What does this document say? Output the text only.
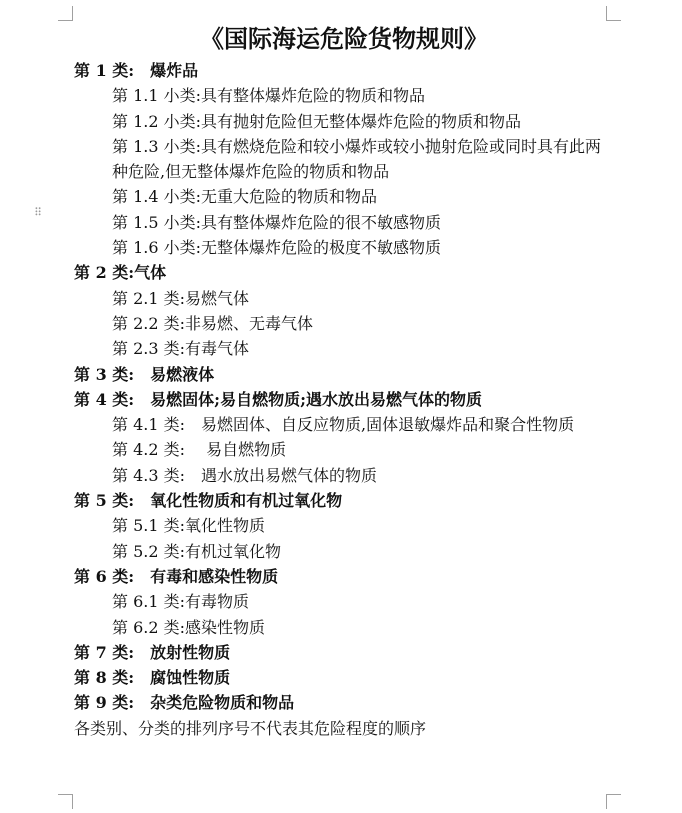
⠿
《国际海运危险货物规则》
第 1 类:　爆炸品
第 1.1 小类:具有整体爆炸危险的物质和物品
第 1.2 小类:具有抛射危险但无整体爆炸危险的物质和物品
第 1.3 小类:具有燃烧危险和较小爆炸或较小抛射危险或同时具有此两种危险,但无整体爆炸危险的物质和物品
第 1.4 小类:无重大危险的物质和物品
第 1.5 小类:具有整体爆炸危险的很不敏感物质
第 1.6 小类:无整体爆炸危险的极度不敏感物质
第 2 类:气体
第 2.1 类:易燃气体
第 2.2 类:非易燃、无毒气体
第 2.3 类:有毒气体
第 3 类:　易燃液体
第 4 类:　易燃固体;易自燃物质;遇水放出易燃气体的物质
第 4.1 类:　易燃固体、自反应物质,固体退敏爆炸品和聚合性物质
第 4.2 类:　 易自燃物质
第 4.3 类:　遇水放出易燃气体的物质
第 5 类:　氧化性物质和有机过氧化物
第 5.1 类:氧化性物质
第 5.2 类:有机过氧化物
第 6 类:　有毒和感染性物质
第 6.1 类:有毒物质
第 6.2 类:感染性物质
第 7 类:　放射性物质
第 8 类:　腐蚀性物质
第 9 类:　杂类危险物质和物品
各类别、分类的排列序号不代表其危险程度的顺序
